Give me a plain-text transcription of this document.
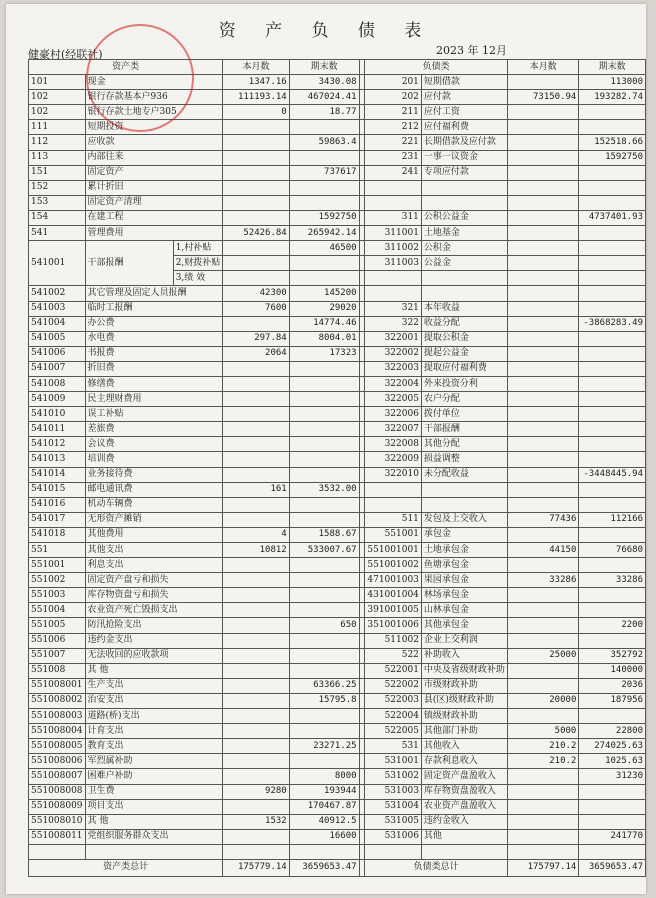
资 产 负 债 表
健豪村(经联社)	2023 年 12月
资产类			本月数	期末数		负债类		本月数	期末数
101	现金		1347.16	3430.08		201	短期借款		113000
102	银行存款基本户936		111193.14	467024.41		202	应付款	73150.94	193282.74
102	银行存款土地专户305		0	18.77		211	应付工资		
111	短期投资					212	应付福利费		
112	应收款			59863.4		221	长期借款及应付款		152518.66
113	内部往来					231	一事一议资金		1592750
151	固定资产			737617		241	专项应付款		
152	累计折旧								
153	固定资产清理								
154	在建工程			1592750		311	公积公益金		4737401.93
541	管理费用		52426.84	265942.14		311001	土地基金		
541001	干部报酬	1,村补贴		46500		311002	公积金		
		2,财拨补贴				311003	公益金		
		3,绩 效							
541002	其它管理及固定人员报酬		42300	145200					
541003	临时工报酬		7600	29020		321	本年收益		
541004	办公费			14774.46		322	收益分配		-3868283.49
541005	水电费		297.84	8004.01		322001	提取公积金		
541006	书报费		2064	17323		322002	提起公益金		
541007	折旧费					322003	提取应付福利费		
541008	修缮费					322004	外来投资分利		
541009	民主理财费用					322005	农户分配		
541010	误工补贴					322006	拨付单位		
541011	差旅费					322007	干部报酬		
541012	会议费					322008	其他分配		
541013	培训费					322009	损益调整		
541014	业务接待费					322010	未分配收益		-3448445.94
541015	邮电通讯费		161	3532.00					
541016	机动车辆费								
541017	无形资产摊销					511	发包及上交收入	77436	112166
541018	其他费用		4	1588.67		551001	承包金		
551	其他支出		10812	533007.67		551001001	土地承包金	44150	76680
551001	利息支出					551001002	鱼塘承包金		
551002	固定资产盘亏和损失					471001003	果园承包金	33286	33286
551003	库存物资盘亏和损失					431001004	林场承包金		
551004	农业资产死亡毁损支出					391001005	山林承包金		
551005	防汛抢险支出			650		351001006	其他承包金		2200
551006	违约金支出					511002	企业上交利润		
551007	无法收回的应收款项					522	补助收入	25000	352792
551008	其 他					522001	中央及省级财政补助		140000
551008001	生产支出			63366.25		522002	市级财政补助		2036
551008002	治安支出			15795.8		522003	县(区)级财政补助	20000	187956
551008003	道路(桥)支出					522004	镇级财政补助		
551008004	计育支出					522005	其他部门补助	5000	22800
551008005	教育支出			23271.25		531	其他收入	210.2	274025.63
551008006	军烈属补助					531001	存款利息收入	210.2	1025.63
551008007	困难户补助			8000		531002	固定资产盘盈收入		31230
551008008	卫生费		9280	193944		531003	库存物资盘盈收入		
551008009	项目支出			170467.87		531004	农业资产盘盈收入		
551008010	其 他		1532	40912.5		531005	违约金收入		
551008011	党组织服务群众支出			16600		531006	其他		241770

资产类总计			175779.14	3659653.47		负债类总计		175797.14	3659653.47
